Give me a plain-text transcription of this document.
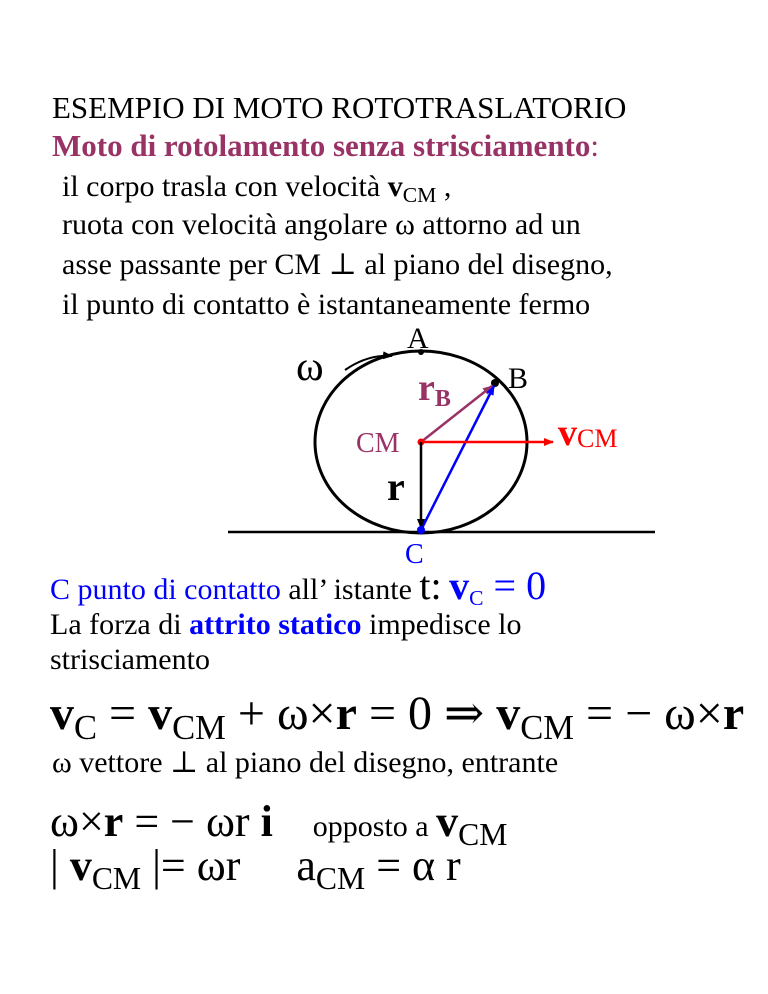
ESEMPIO DI MOTO ROTOTRASLATORIO
Moto di rotolamento senza strisciamento:
il corpo trasla con velocità $v_{CM}$ ,
ruota con velocità angolare ω attorno ad un
asse passante per CM ⊥ al piano del disegno,
il punto di contatto è istantaneamente fermo
ω
A
B
rB
vCM
CM
r
C
C punto di contatto all’ istante t: $v_C = 0$
La forza di attrito statico impedisce lo
strisciamento
$v_C = v_{CM} + \omega\times r = 0$ ⇒ $v_{CM}$ = − ω×r
ω vettore ⊥ al piano del disegno, entrante
ω×r = − ωr i opposto a $v_{CM}$
| $v_{CM}$ |= ωr $a_{CM} = \alpha$ r
